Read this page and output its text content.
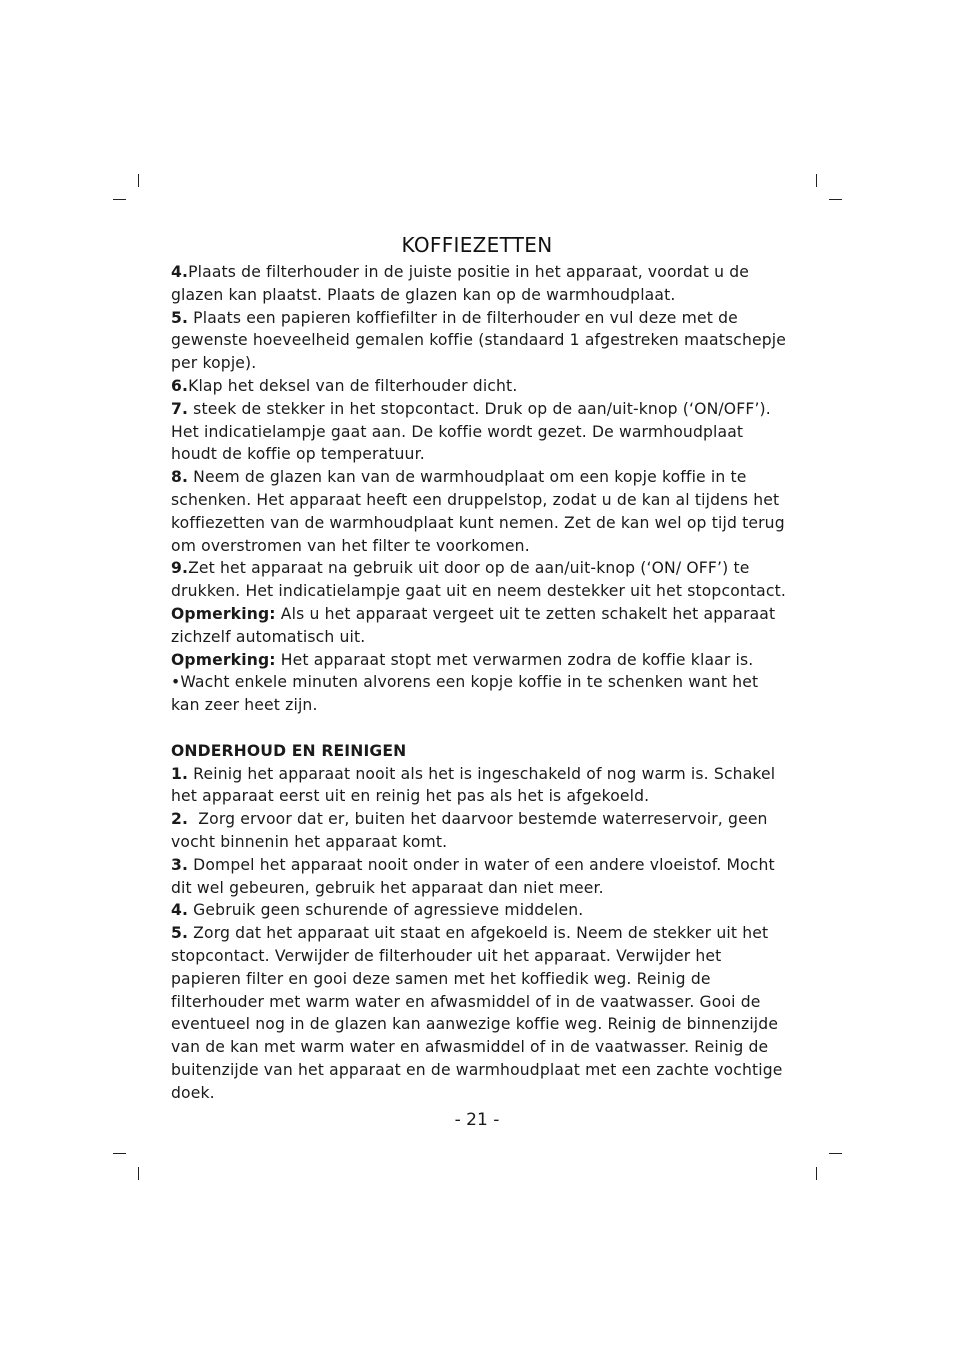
KOFFIEZETTEN

4.Plaats de filterhouder in de juiste positie in het apparaat, voordat u de glazen kan plaatst. Plaats de glazen kan op de warmhoudplaat.

5. Plaats een papieren koffiefilter in de filterhouder en vul deze met de gewenste hoeveelheid gemalen koffie (standaard 1 afgestreken maatschepje per kopje).

6.Klap het deksel van de filterhouder dicht.

7. steek de stekker in het stopcontact. Druk op de aan/uit-knop (‘ON/OFF’). Het indicatielampje gaat aan. De koffie wordt gezet. De warmhoudplaat houdt de koffie op temperatuur.

8. Neem de glazen kan van de warmhoudplaat om een kopje koffie in te schenken. Het apparaat heeft een druppelstop, zodat u de kan al tijdens het koffiezetten van de warmhoudplaat kunt nemen. Zet de kan wel op tijd terug om overstromen van het filter te voorkomen.

9.Zet het apparaat na gebruik uit door op de aan/uit-knop (‘ON/ OFF’) te drukken. Het indicatielampje gaat uit en neem destekker uit het stopcontact.

Opmerking: Als u het apparaat vergeet uit te zetten schakelt het apparaat zichzelf automatisch uit.

Opmerking: Het apparaat stopt met verwarmen zodra de koffie klaar is.

•Wacht enkele minuten alvorens een kopje koffie in te schenken want het kan zeer heet zijn.

ONDERHOUD EN REINIGEN

1. Reinig het apparaat nooit als het is ingeschakeld of nog warm is. Schakel het apparaat eerst uit en reinig het pas als het is afgekoeld.

2.  Zorg ervoor dat er, buiten het daarvoor bestemde waterreservoir, geen vocht binnenin het apparaat komt.

3. Dompel het apparaat nooit onder in water of een andere vloeistof. Mocht dit wel gebeuren, gebruik het apparaat dan niet meer.

4. Gebruik geen schurende of agressieve middelen.

5. Zorg dat het apparaat uit staat en afgekoeld is. Neem de stekker uit het stopcontact. Verwijder de filterhouder uit het apparaat. Verwijder het papieren filter en gooi deze samen met het koffiedik weg. Reinig de filterhouder met warm water en afwasmiddel of in de vaatwasser. Gooi de eventueel nog in de glazen kan aanwezige koffie weg. Reinig de binnenzijde van de kan met warm water en afwasmiddel of in de vaatwasser. Reinig de buitenzijde van het apparaat en de warmhoudplaat met een zachte vochtige doek.

- 21 -
